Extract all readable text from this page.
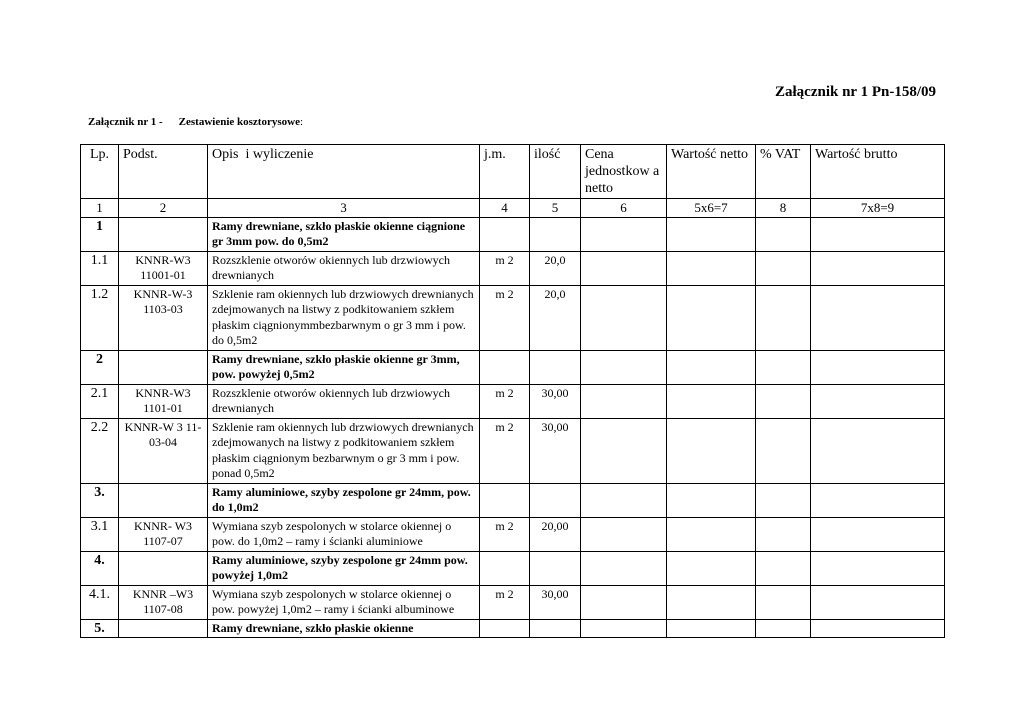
Załącznik nr 1 Pn-158/09
Załącznik nr 1 - Zestawienie kosztorysowe:
Lp.	Podst.	Opis  i wyliczenie	j.m.	ilość	Cena jednostkow a netto	Wartość netto	% VAT	Wartość brutto
1	2	3	4	5	6	5x6=7	8	7x8=9
1		Ramy drewniane, szkło płaskie okienne ciągnione gr 3mm pow. do 0,5m2						
1.1	KNNR-W3 11001-01	Rozszklenie otworów okiennych lub drzwiowych drewnianych	m 2	20,0				
1.2	KNNR-W-3 1103-03	Szklenie ram okiennych lub drzwiowych drewnianych zdejmowanych na listwy z podkitowaniem szkłem płaskim ciągnionymmbezbarwnym o gr 3 mm i pow. do 0,5m2	m 2	20,0				
2		Ramy drewniane, szkło płaskie okienne gr 3mm, pow. powyżej 0,5m2						
2.1	KNNR-W3 1101-01	Rozszklenie otworów okiennych lub drzwiowych drewnianych	m 2	30,00				
2.2	KNNR-W 3 11-03-04	Szklenie ram okiennych lub drzwiowych drewnianych zdejmowanych na listwy z podkitowaniem szkłem płaskim ciągnionym bezbarwnym o gr 3 mm i pow. ponad 0,5m2	m 2	30,00				
3.		Ramy aluminiowe, szyby zespolone gr 24mm, pow. do 1,0m2						
3.1	KNNR- W3 1107-07	Wymiana szyb zespolonych w stolarce okiennej o pow. do 1,0m2 – ramy i ścianki aluminiowe	m 2	20,00				
4.		Ramy aluminiowe, szyby zespolone gr 24mm pow. powyżej 1,0m2						
4.1.	KNNR –W3 1107-08	Wymiana szyb zespolonych w stolarce okiennej o pow. powyżej 1,0m2 – ramy i ścianki albuminowe	m 2	30,00				
5.		Ramy drewniane, szkło płaskie okienne						
